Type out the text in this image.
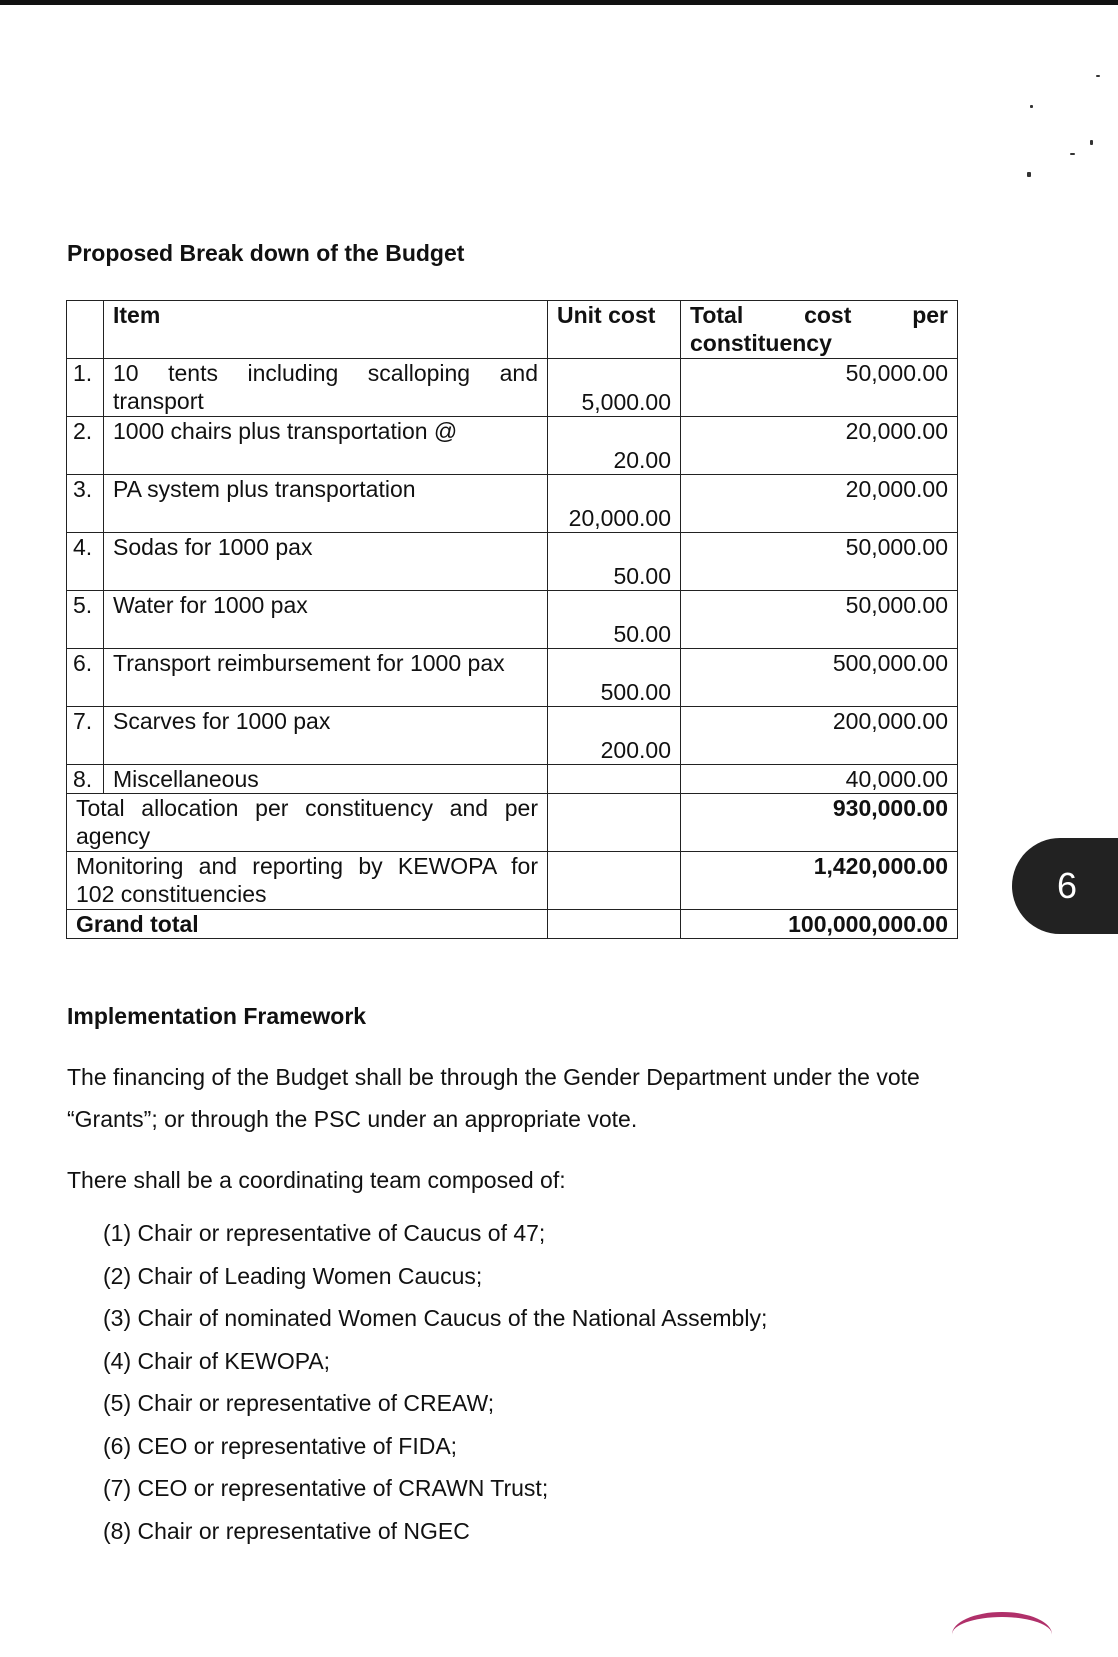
Proposed Break down of the Budget
	Item	Unit cost	Total cost per
constituency

1.	10 tents including scalloping and transport	5,000.00	50,000.00
2.	1000 chairs plus transportation @	20.00	20,000.00
3.	PA system plus transportation	20,000.00	20,000.00
4.	Sodas for 1000 pax	50.00	50,000.00
5.	Water for 1000 pax	50.00	50,000.00
6.	Transport reimbursement for 1000 pax	500.00	500,000.00
7.	Scarves for 1000 pax	200.00	200,000.00
8.	Miscellaneous		40,000.00
Total allocation per constituency and per agency			930,000.00
Monitoring and reporting by KEWOPA for 102 constituencies			1,420,000.00
Grand total			100,000,000.00
6
Implementation Framework
The financing of the Budget shall be through the Gender Department under the vote “Grants”; or through the PSC under an appropriate vote.
There shall be a coordinating team composed of:
(1) Chair or representative of Caucus of 47;
(2) Chair of Leading Women Caucus;
(3) Chair of nominated Women Caucus of the National Assembly;
(4) Chair of KEWOPA;
(5) Chair or representative of CREAW;
(6) CEO or representative of FIDA;
(7) CEO or representative of CRAWN Trust;
(8) Chair or representative of NGEC
